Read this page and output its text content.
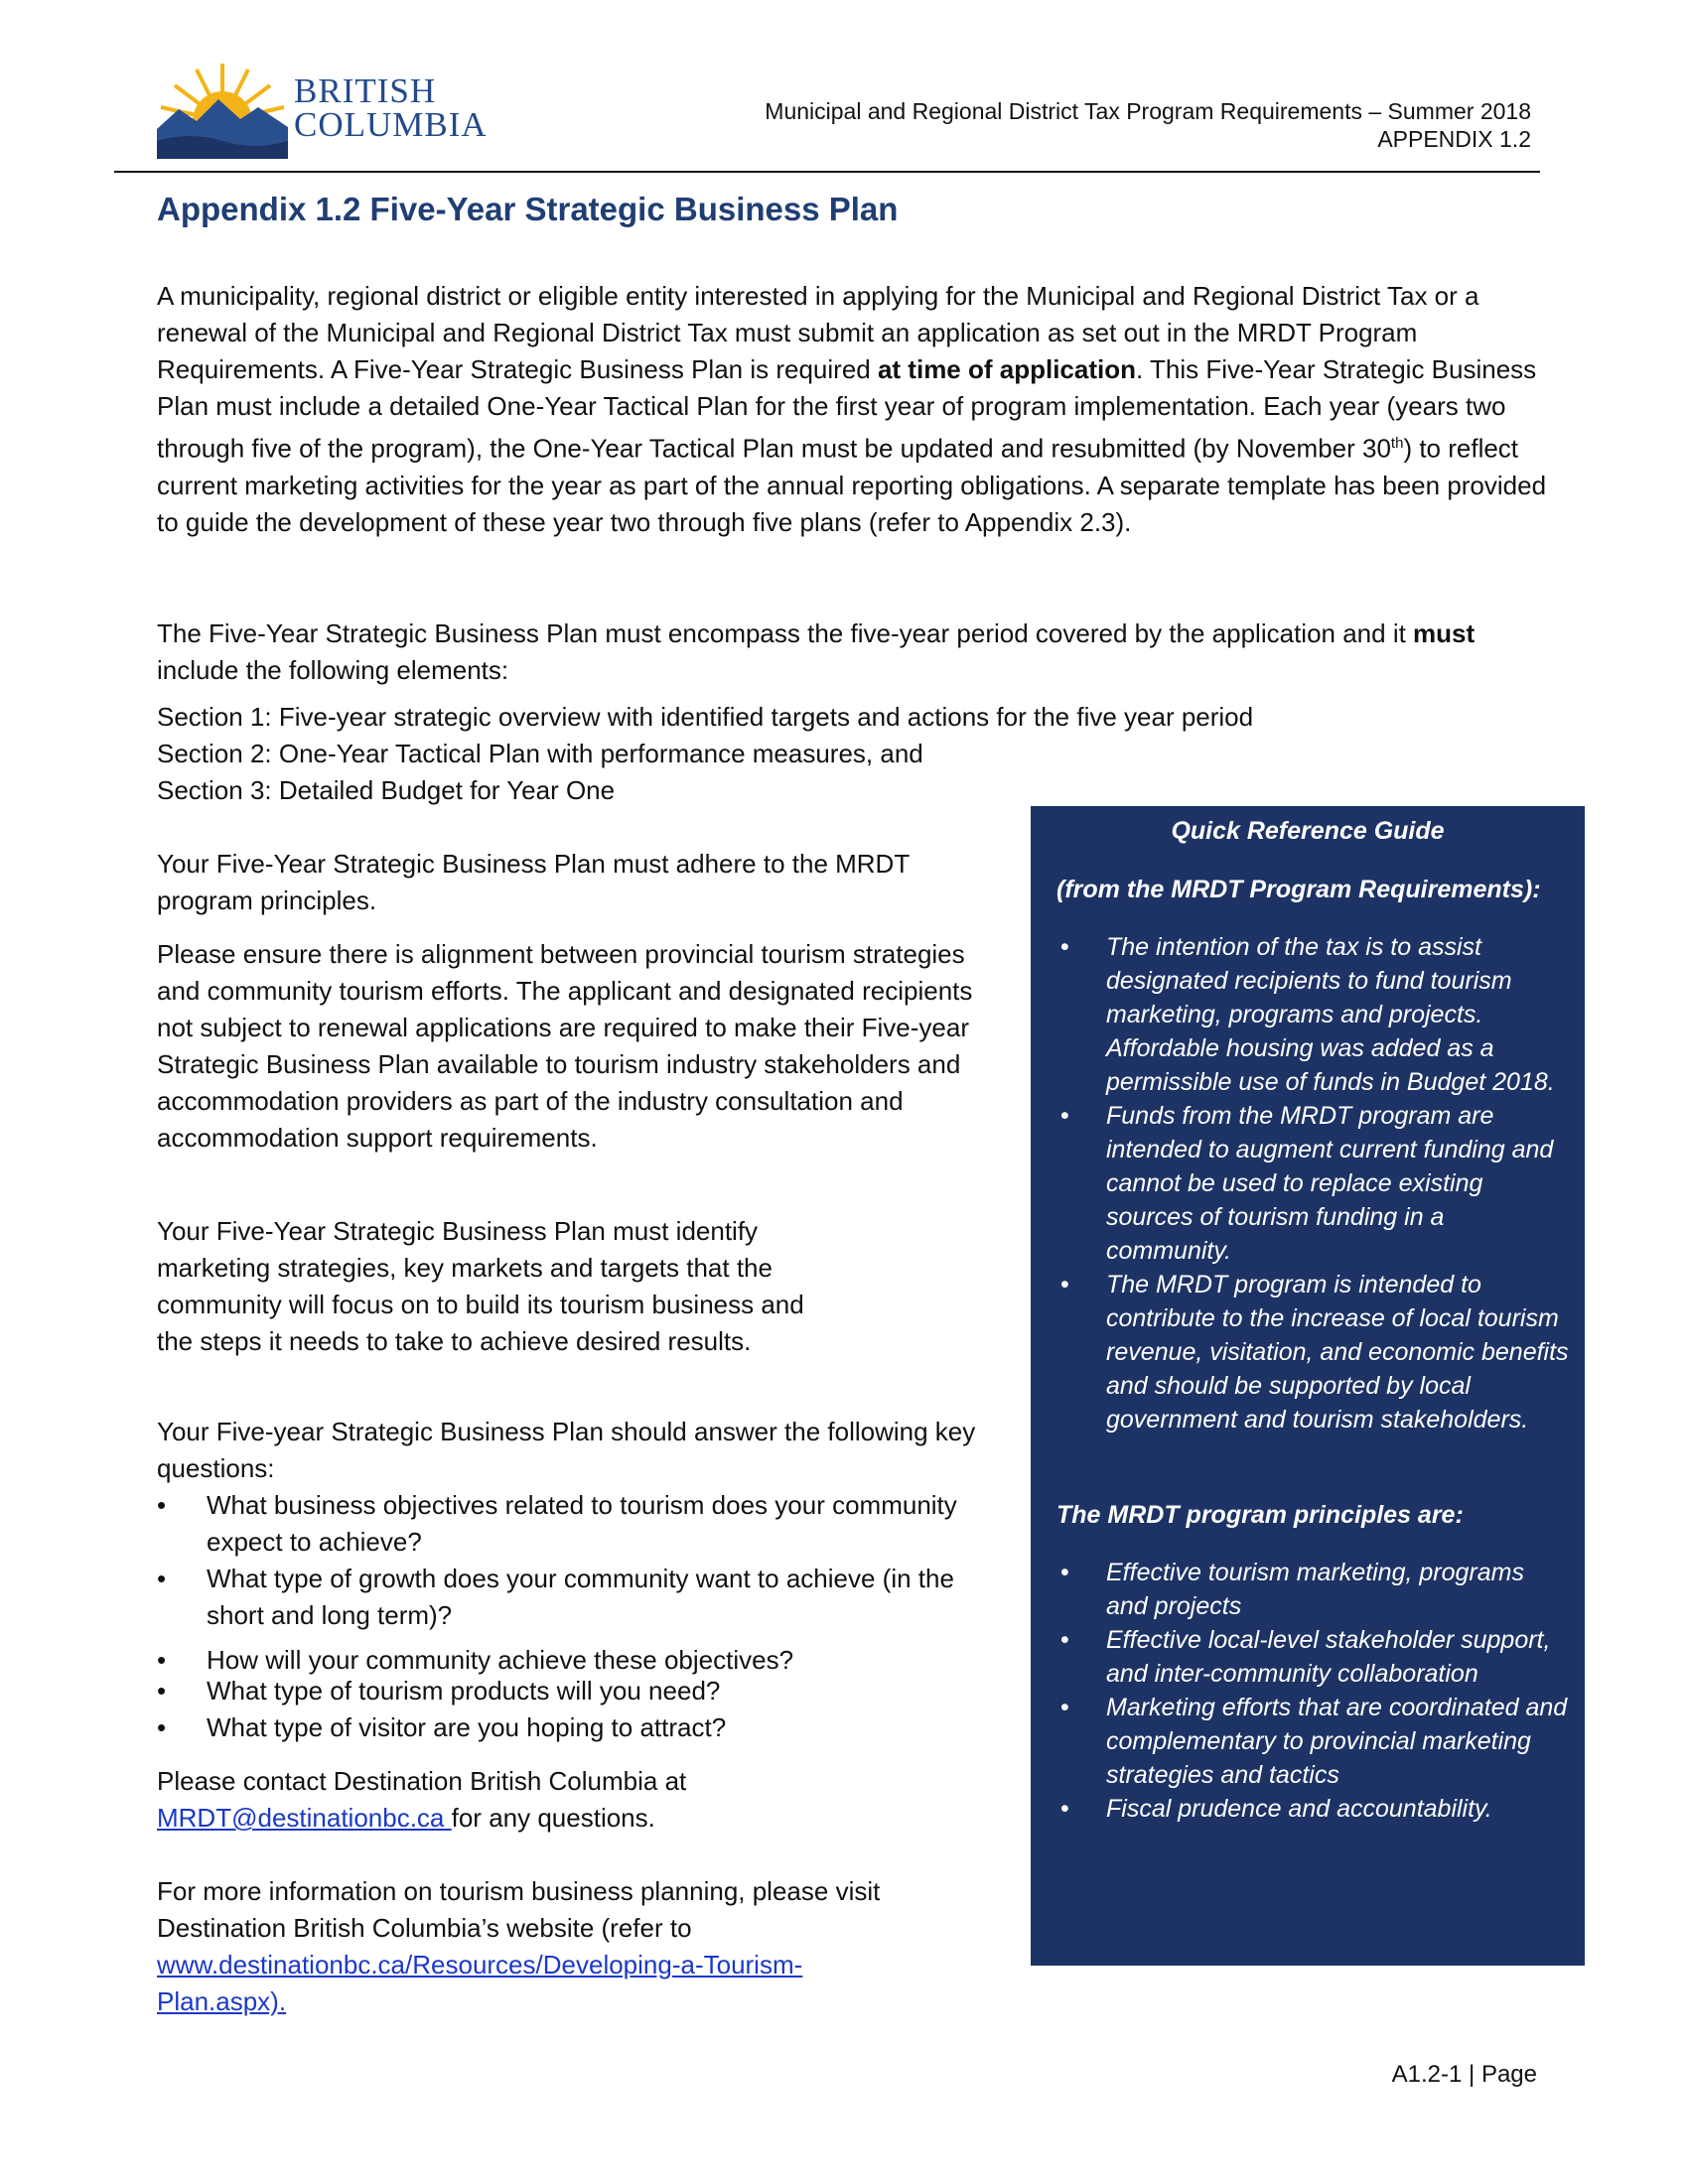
BRITISH
COLUMBIA	Municipal and Regional District Tax Program Requirements – Summer 2018
APPENDIX 1.2
Appendix 1.2 Five-Year Strategic Business Plan

A municipality, regional district or eligible entity interested in applying for the Municipal and Regional District Tax or a renewal of the Municipal and Regional District Tax must submit an application as set out in the MRDT Program Requirements. A Five-Year Strategic Business Plan is required at time of application. This Five-Year Strategic Business Plan must include a detailed One-Year Tactical Plan for the first year of program implementation. Each year (years two through five of the program), the One-Year Tactical Plan must be updated and resubmitted (by November 30th) to reflect current marketing activities for the year as part of the annual reporting obligations. A separate template has been provided to guide the development of these year two through five plans (refer to Appendix 2.3).

The Five-Year Strategic Business Plan must encompass the five-year period covered by the application and it must include the following elements:

Section 1: Five-year strategic overview with identified targets and actions for the five year period
Section 2: One-Year Tactical Plan with performance measures, and
Section 3: Detailed Budget for Year One

Your Five-Year Strategic Business Plan must adhere to the MRDT program principles.

Please ensure there is alignment between provincial tourism strategies and community tourism efforts. The applicant and designated recipients not subject to renewal applications are required to make their Five-year Strategic Business Plan available to tourism industry stakeholders and accommodation providers as part of the industry consultation and accommodation support requirements.

Your Five-Year Strategic Business Plan must identify marketing strategies, key markets and targets that the community will focus on to build its tourism business and the steps it needs to take to achieve desired results.

Your Five-year Strategic Business Plan should answer the following key questions:

• What business objectives related to tourism does your community expect to achieve?
• What type of growth does your community want to achieve (in the short and long term)?
• How will your community achieve these objectives?
• What type of tourism products will you need?
• What type of visitor are you hoping to attract?

Please contact Destination British Columbia at
MRDT@destinationbc.ca for any questions.

For more information on tourism business planning, please visit Destination British Columbia’s website (refer to
www.destinationbc.ca/Resources/Developing-a-Tourism-
Plan.aspx).

Quick Reference Guide
(from the MRDT Program Requirements):
• The intention of the tax is to assist designated recipients to fund tourism marketing, programs and projects. Affordable housing was added as a permissible use of funds in Budget 2018.
• Funds from the MRDT program are intended to augment current funding and cannot be used to replace existing sources of tourism funding in a community.
• The MRDT program is intended to contribute to the increase of local tourism revenue, visitation, and economic benefits and should be supported by local government and tourism stakeholders.
The MRDT program principles are:
• Effective tourism marketing, programs and projects
• Effective local-level stakeholder support, and inter-community collaboration
• Marketing efforts that are coordinated and complementary to provincial marketing strategies and tactics
• Fiscal prudence and accountability.
A1.2-1 | Page
